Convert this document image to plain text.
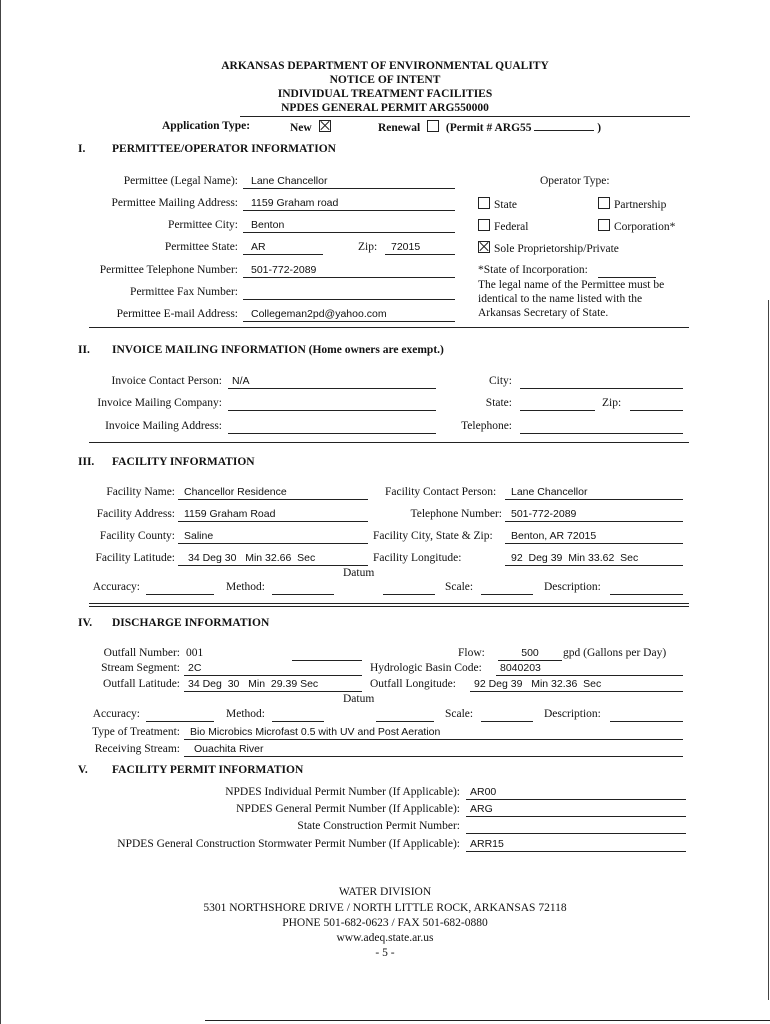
ARKANSAS DEPARTMENT OF ENVIRONMENTAL QUALITY
NOTICE OF INTENT
INDIVIDUAL TREATMENT FACILITIES
NPDES GENERAL PERMIT ARG550000
Application Type:	New	Renewal (Permit # ARG55	)
I. PERMITTEE/OPERATOR INFORMATION
Permittee (Legal Name):	Lane Chancellor
Permittee Mailing Address:	1159 Graham road
Permittee City:	Benton
Permittee State:	AR	Zip:	72015
Permittee Telephone Number:	501-772-2089
Permittee Fax Number:
Permittee E-mail Address:	Collegeman2pd@yahoo.com
Operator Type:
State	Partnership
Federal	Corporation*
Sole Proprietorship/Private
*State of Incorporation:
The legal name of the Permittee must be
identical to the name listed with the
Arkansas Secretary of State.
II. INVOICE MAILING INFORMATION (Home owners are exempt.)
Invoice Contact Person: N/A
Invoice Mailing Company:
Invoice Mailing Address:
City:
State:	Zip:
Telephone:
III. FACILITY INFORMATION
Facility Name: Chancellor Residence	Facility Contact Person:	Lane Chancellor
Facility Address: 1159 Graham Road	Telephone Number: 501-772-2089
Facility County: Saline	Facility City, State & Zip:	Benton, AR 72015
Facility Latitude:	34 Deg 30   Min 32.66  Sec	Facility Longitude:	92  Deg 39  Min 33.62  Sec
Datum
Accuracy:	Method:	Scale:	Description:
IV. DISCHARGE INFORMATION
Outfall Number: 001	Flow:	500	gpd (Gallons per Day)
Stream Segment: 2C	Hydrologic Basin Code:	8040203
Outfall Latitude: 34 Deg  30   Min  29.39 Sec	Outfall Longitude:	92 Deg 39   Min 32.36  Sec
Datum
Accuracy:	Method:	Scale:	Description:
Type of Treatment: Bio Microbics Microfast 0.5 with UV and Post Aeration
Receiving Stream:	Ouachita River
V. FACILITY PERMIT INFORMATION
NPDES Individual Permit Number (If Applicable): AR00
NPDES General Permit Number (If Applicable): ARG
State Construction Permit Number:
NPDES General Construction Stormwater Permit Number (If Applicable): ARR15
WATER DIVISION
5301 NORTHSHORE DRIVE / NORTH LITTLE ROCK, ARKANSAS 72118
PHONE 501-682-0623 / FAX 501-682-0880
www.adeq.state.ar.us
- 5 -
